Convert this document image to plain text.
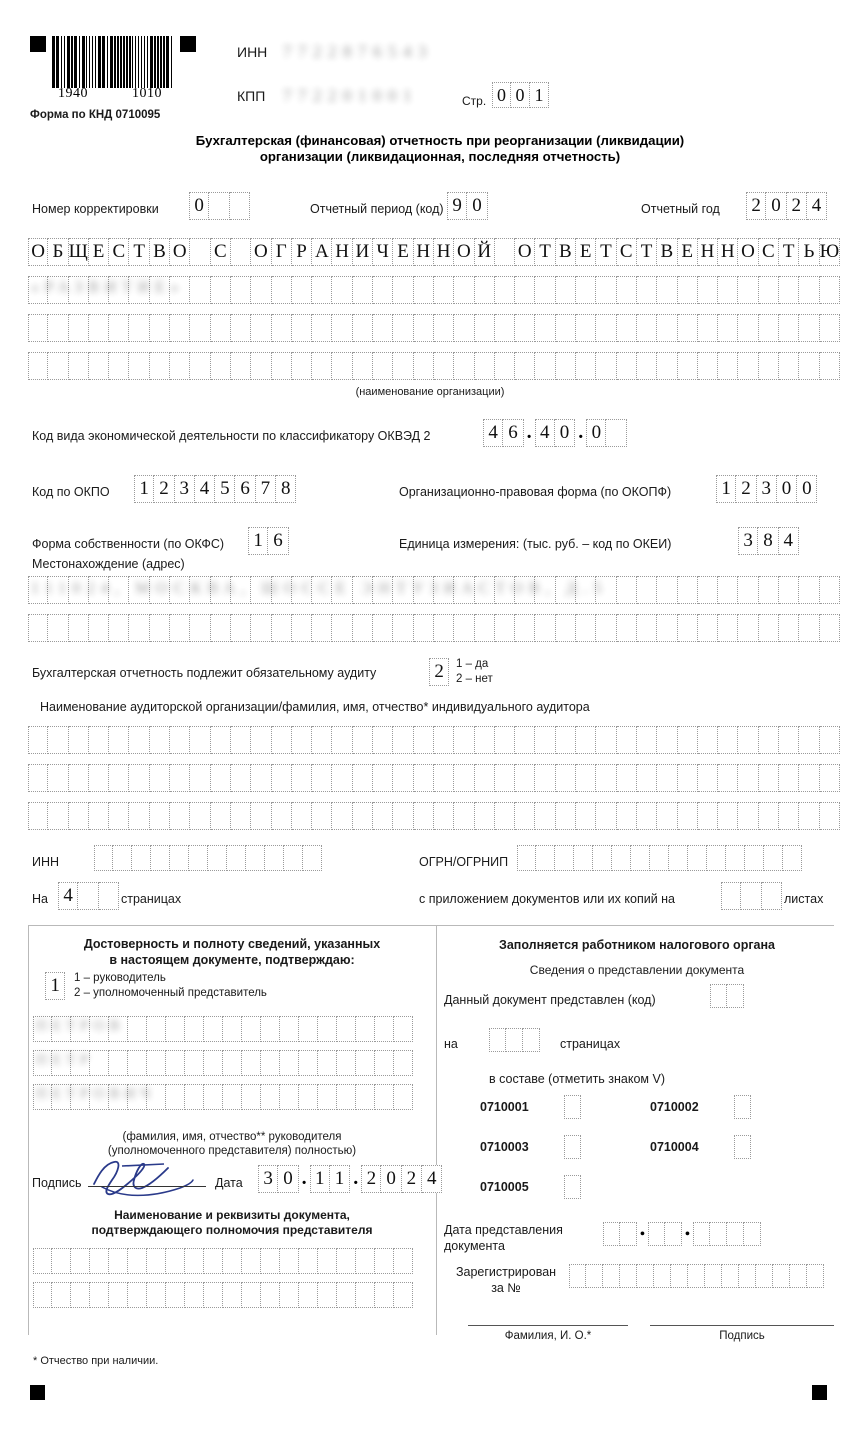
1940	1010
Форма по КНД 0710095
ИНН 7722876543
КПП 772201001	Стр. 0 0 1
Бухгалтерская (финансовая) отчетность при реорганизации (ликвидации)
организации (ликвидационная, последняя отчетность)
Номер корректировки 0	Отчетный период (код) 9 0	Отчетный год 2 0 2 4
О Б Щ Е С Т В О С О Г Р А Н И Ч Е Н Н О Й О Т В Е Т С Т В Е Н Н О С Т Ь Ю
«РАЗВИТИЕ»
(наименование организации)
Код вида экономической деятельности по классификатору ОКВЭД 2	4 6 . 4 0 . 0
Код по ОКПО 1 2 3 4 5 6 7 8	Организационно-правовая форма (по ОКОПФ)	1 2 3 0 0
Форма собственности (по ОКФС) 1 6	Единица измерения: (тыс. руб. – код по ОКЕИ)	3 8 4
Местонахождение (адрес)
111024, МОСКВА, ШОССЕ ЭНТУЗИАСТОВ, Д.5
Бухгалтерская отчетность подлежит обязательному аудиту	2	1 – да
2 – нет
Наименование аудиторской организации/фамилия, имя, отчество* индивидуального аудитора
ИНН	ОГРН/ОГРНИП
На 4	страницах	с приложением документов или их копий на	листах
Достоверность и полноту сведений, указанных
в настоящем документе, подтверждаю:
1	1 – руководитель
2 – уполномоченный представитель
ПЕТРОВ
ПЕТР
ПЕТРОВИЧ
(фамилия, имя, отчество** руководителя
(уполномоченного представителя) полностью)
Подпись	Дата 3 0 . 1 1 . 2 0 2 4
Наименование и реквизиты документа,
подтверждающего полномочия представителя
Заполняется работником налогового органа
Сведения о представлении документа
Данный документ представлен (код)
на	страницах
в составе (отметить знаком V)
0710001	0710002
0710003	0710004
0710005
Дата представления
документа
•	•
Зарегистрирован
за №
Фамилия, И. О.*	Подпись
* Отчество при наличии.
